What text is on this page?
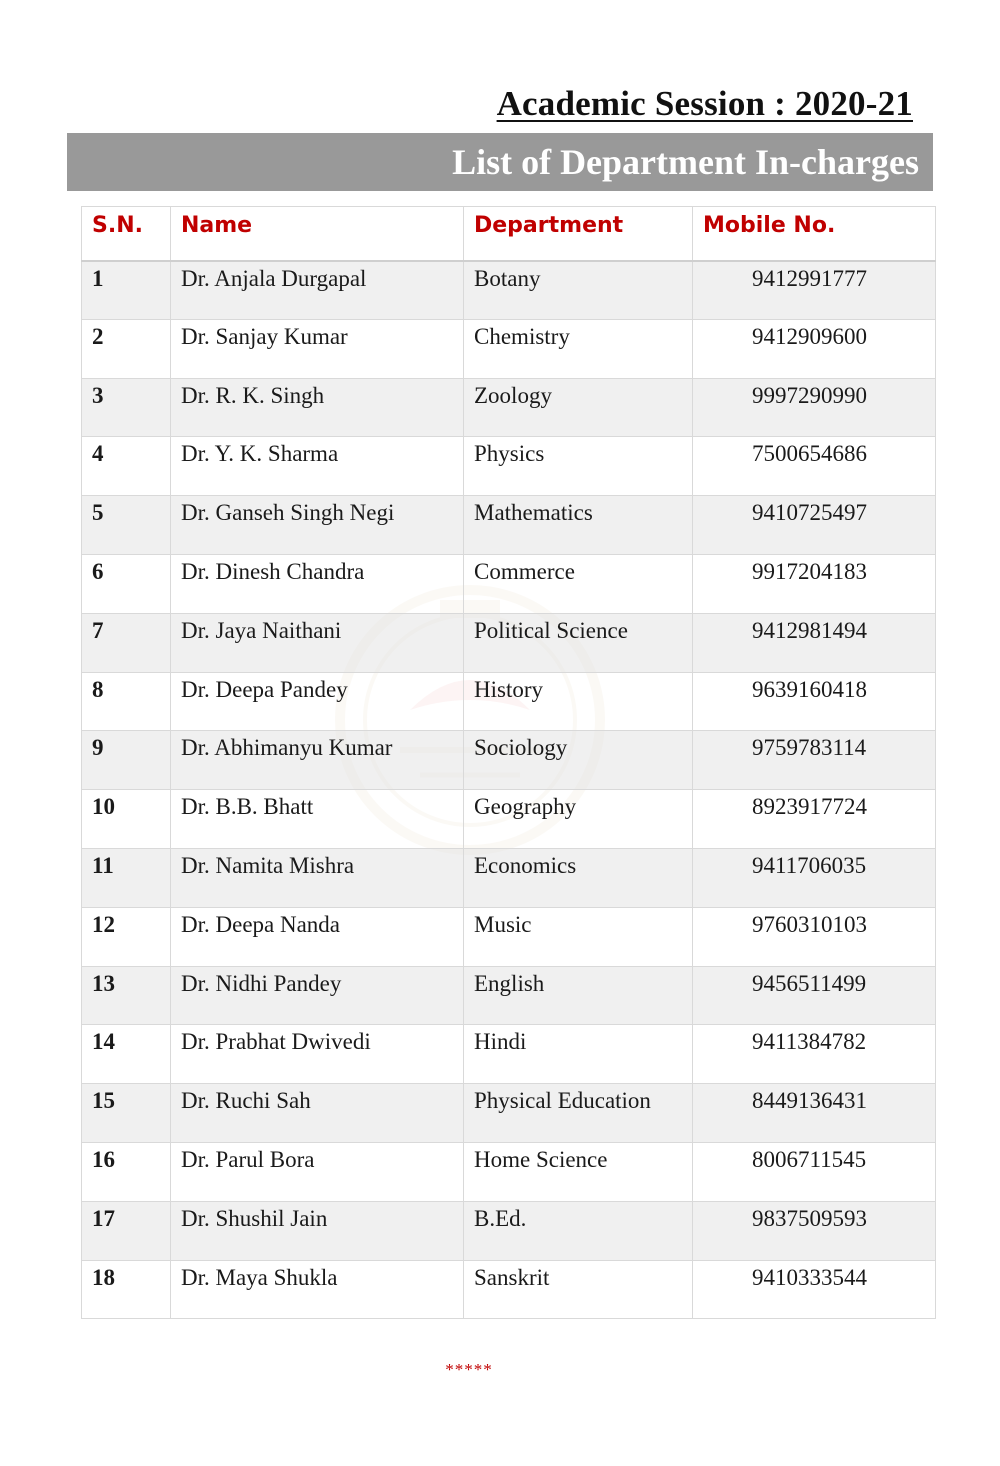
Academic Session : 2020-21
List of Department In-charges
S.N.	Name	Department	Mobile No.
1	Dr. Anjala Durgapal	Botany	9412991777
2	Dr. Sanjay Kumar	Chemistry	9412909600
3	Dr. R. K. Singh	Zoology	9997290990
4	Dr. Y. K. Sharma	Physics	7500654686
5	Dr. Ganseh Singh Negi	Mathematics	9410725497
6	Dr. Dinesh Chandra	Commerce	9917204183
7	Dr. Jaya Naithani	Political Science	9412981494
8	Dr. Deepa Pandey	History	9639160418
9	Dr. Abhimanyu Kumar	Sociology	9759783114
10	Dr. B.B. Bhatt	Geography	8923917724
11	Dr. Namita Mishra	Economics	9411706035
12	Dr. Deepa Nanda	Music	9760310103
13	Dr. Nidhi Pandey	English	9456511499
14	Dr. Prabhat Dwivedi	Hindi	9411384782
15	Dr. Ruchi Sah	Physical Education	8449136431
16	Dr. Parul Bora	Home Science	8006711545
17	Dr. Shushil Jain	B.Ed.	9837509593
18	Dr. Maya Shukla	Sanskrit	9410333544
*****
